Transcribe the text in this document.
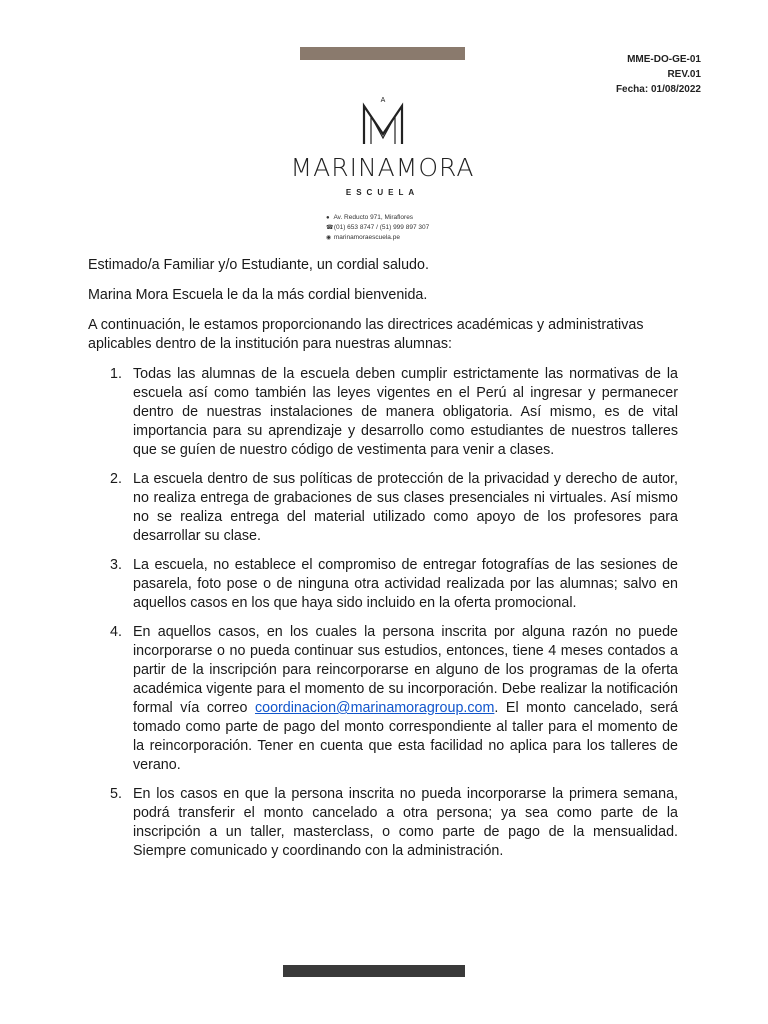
MME-DO-GE-01
REV.01
Fecha: 01/08/2022
A
MARINAMORA
ESCUELA
● Av. Reducto 971, Miraflores
☎ (01) 653 8747 / (51) 999 897 307
◉ marinamoraescuela.pe

Estimado/a Familiar y/o Estudiante, un cordial saludo.

Marina Mora Escuela le da la más cordial bienvenida.

A continuación, le estamos proporcionando las directrices académicas y administrativas aplicables dentro de la institución para nuestras alumnas:

1. Todas las alumnas de la escuela deben cumplir estrictamente las normativas de la escuela así como también las leyes vigentes en el Perú al ingresar y permanecer dentro de nuestras instalaciones de manera obligatoria. Así mismo, es de vital importancia para su aprendizaje y desarrollo como estudiantes de nuestros talleres que se guíen de nuestro código de vestimenta para venir a clases.
2. La escuela dentro de sus políticas de protección de la privacidad y derecho de autor, no realiza entrega de grabaciones de sus clases presenciales ni virtuales. Así mismo no se realiza entrega del material utilizado como apoyo de los profesores para desarrollar su clase.
3. La escuela, no establece el compromiso de entregar fotografías de las sesiones de pasarela, foto pose o de ninguna otra actividad realizada por las alumnas; salvo en aquellos casos en los que haya sido incluido en la oferta promocional.
4. En aquellos casos, en los cuales la persona inscrita por alguna razón no puede incorporarse o no pueda continuar sus estudios, entonces, tiene 4 meses contados a partir de la inscripción para reincorporarse en alguno de los programas de la oferta académica vigente para el momento de su incorporación. Debe realizar la notificación formal vía correo coordinacion@marinamoragroup.com. El monto cancelado, será tomado como parte de pago del monto correspondiente al taller para el momento de la reincorporación. Tener en cuenta que esta facilidad no aplica para los talleres de verano.
5. En los casos en que la persona inscrita no pueda incorporarse la primera semana, podrá transferir el monto cancelado a otra persona; ya sea como parte de la inscripción a un taller, masterclass, o como parte de pago de la mensualidad. Siempre comunicado y coordinando con la administración.
